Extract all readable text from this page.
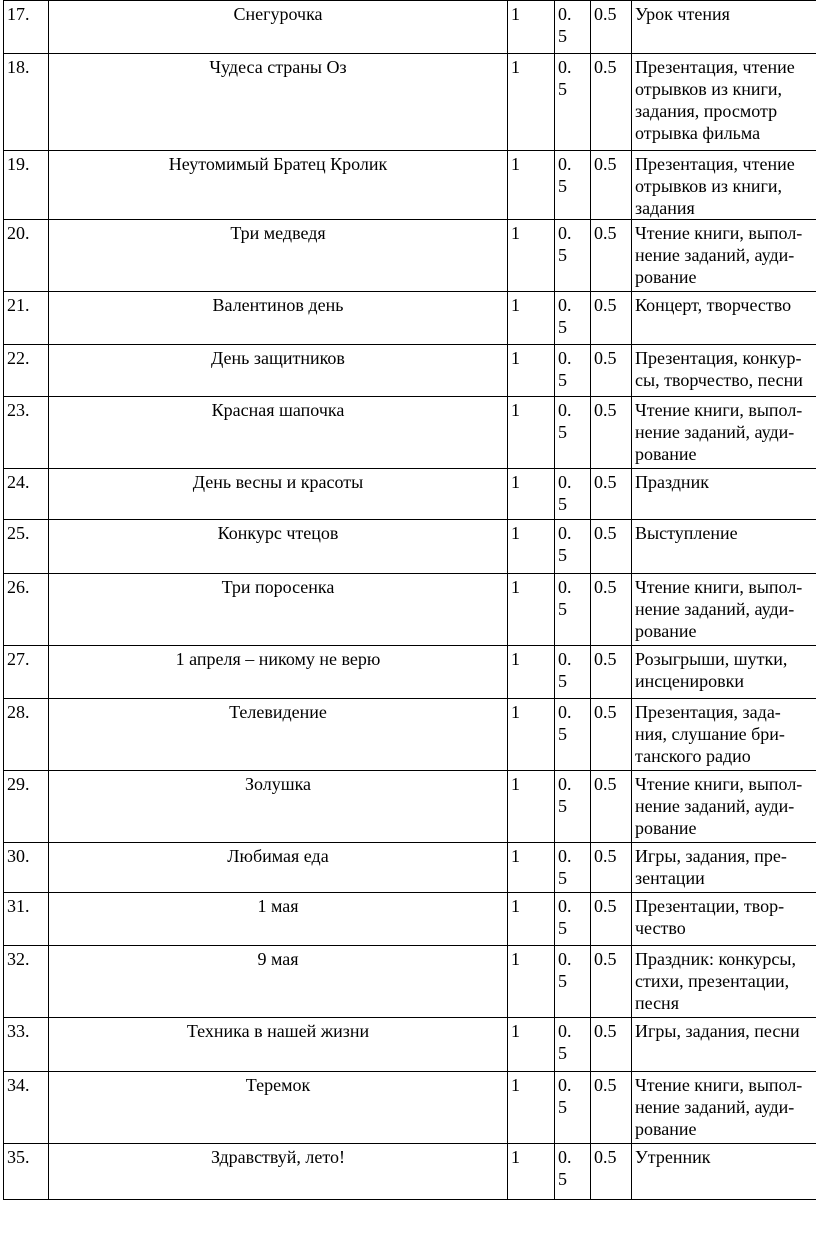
17.	Снегурочка	1	0.
5	0.5	Урок чтения

18.	Чудеса страны Оз	1	0.
5	0.5	Презентация, чтение
отрывков из книги,
задания, просмотр
отрывка фильма

19.	Неутомимый Братец Кролик	1	0.
5	0.5	Презентация, чтение
отрывков из книги,
задания

20.	Три медведя	1	0.
5	0.5	Чтение книги, выпол-
нение заданий, ауди-
рование

21.	Валентинов день	1	0.
5	0.5	Концерт, творчество

22.	День защитников	1	0.
5	0.5	Презентация, конкур-
сы, творчество, песни

23.	Красная шапочка	1	0.
5	0.5	Чтение книги, выпол-
нение заданий, ауди-
рование

24.	День весны и красоты	1	0.
5	0.5	Праздник

25.	Конкурс чтецов	1	0.
5	0.5	Выступление

26.	Три поросенка	1	0.
5	0.5	Чтение книги, выпол-
нение заданий, ауди-
рование

27.	1 апреля – никому не верю	1	0.
5	0.5	Розыгрыши, шутки,
инсценировки

28.	Телевидение	1	0.
5	0.5	Презентация, зада-
ния, слушание бри-
танского радио

29.	Золушка	1	0.
5	0.5	Чтение книги, выпол-
нение заданий, ауди-
рование

30.	Любимая еда	1	0.
5	0.5	Игры, задания, пре-
зентации

31.	1 мая	1	0.
5	0.5	Презентации, твор-
чество

32.	9 мая	1	0.
5	0.5	Праздник: конкурсы,
стихи, презентации,
песня

33.	Техника в нашей жизни	1	0.
5	0.5	Игры, задания, песни

34.	Теремок	1	0.
5	0.5	Чтение книги, выпол-
нение заданий, ауди-
рование

35.	Здравствуй, лето!	1	0.
5	0.5	Утренник
